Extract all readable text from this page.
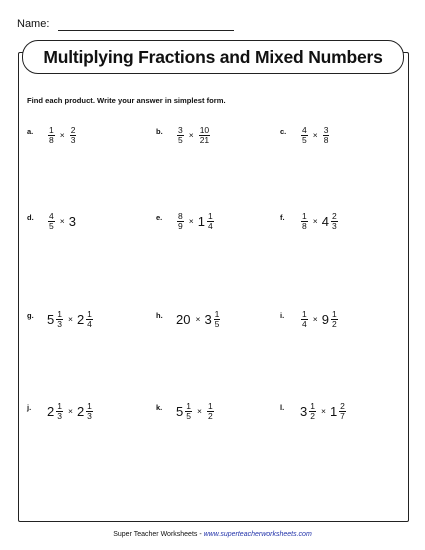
Name:
Multiplying Fractions and Mixed Numbers
Find each product. Write your answer in simplest form.
a. $\frac{1}{8} \times \frac{2}{3}$	b. $\frac{3}{5} \times \frac{10}{21}$	c. $\frac{4}{5} \times \frac{3}{8}$
d. $\frac{4}{5} \times 3$	e. $\frac{8}{9} \times 1 \frac{1}{4}$	f. $\frac{1}{8} \times 4 \frac{2}{3}$
g. $5 \frac{1}{3} \times 2 \frac{1}{4}$	h. $20 \times 3 \frac{1}{5}$	i. $\frac{1}{4} \times 9 \frac{1}{2}$
j. $2 \frac{1}{3} \times 2 \frac{1}{3}$	k. $5 \frac{1}{5} \times \frac{1}{2}$	l. $3 \frac{1}{2} \times 1 \frac{2}{7}$
Super Teacher Worksheets - www.superteacherworksheets.com
